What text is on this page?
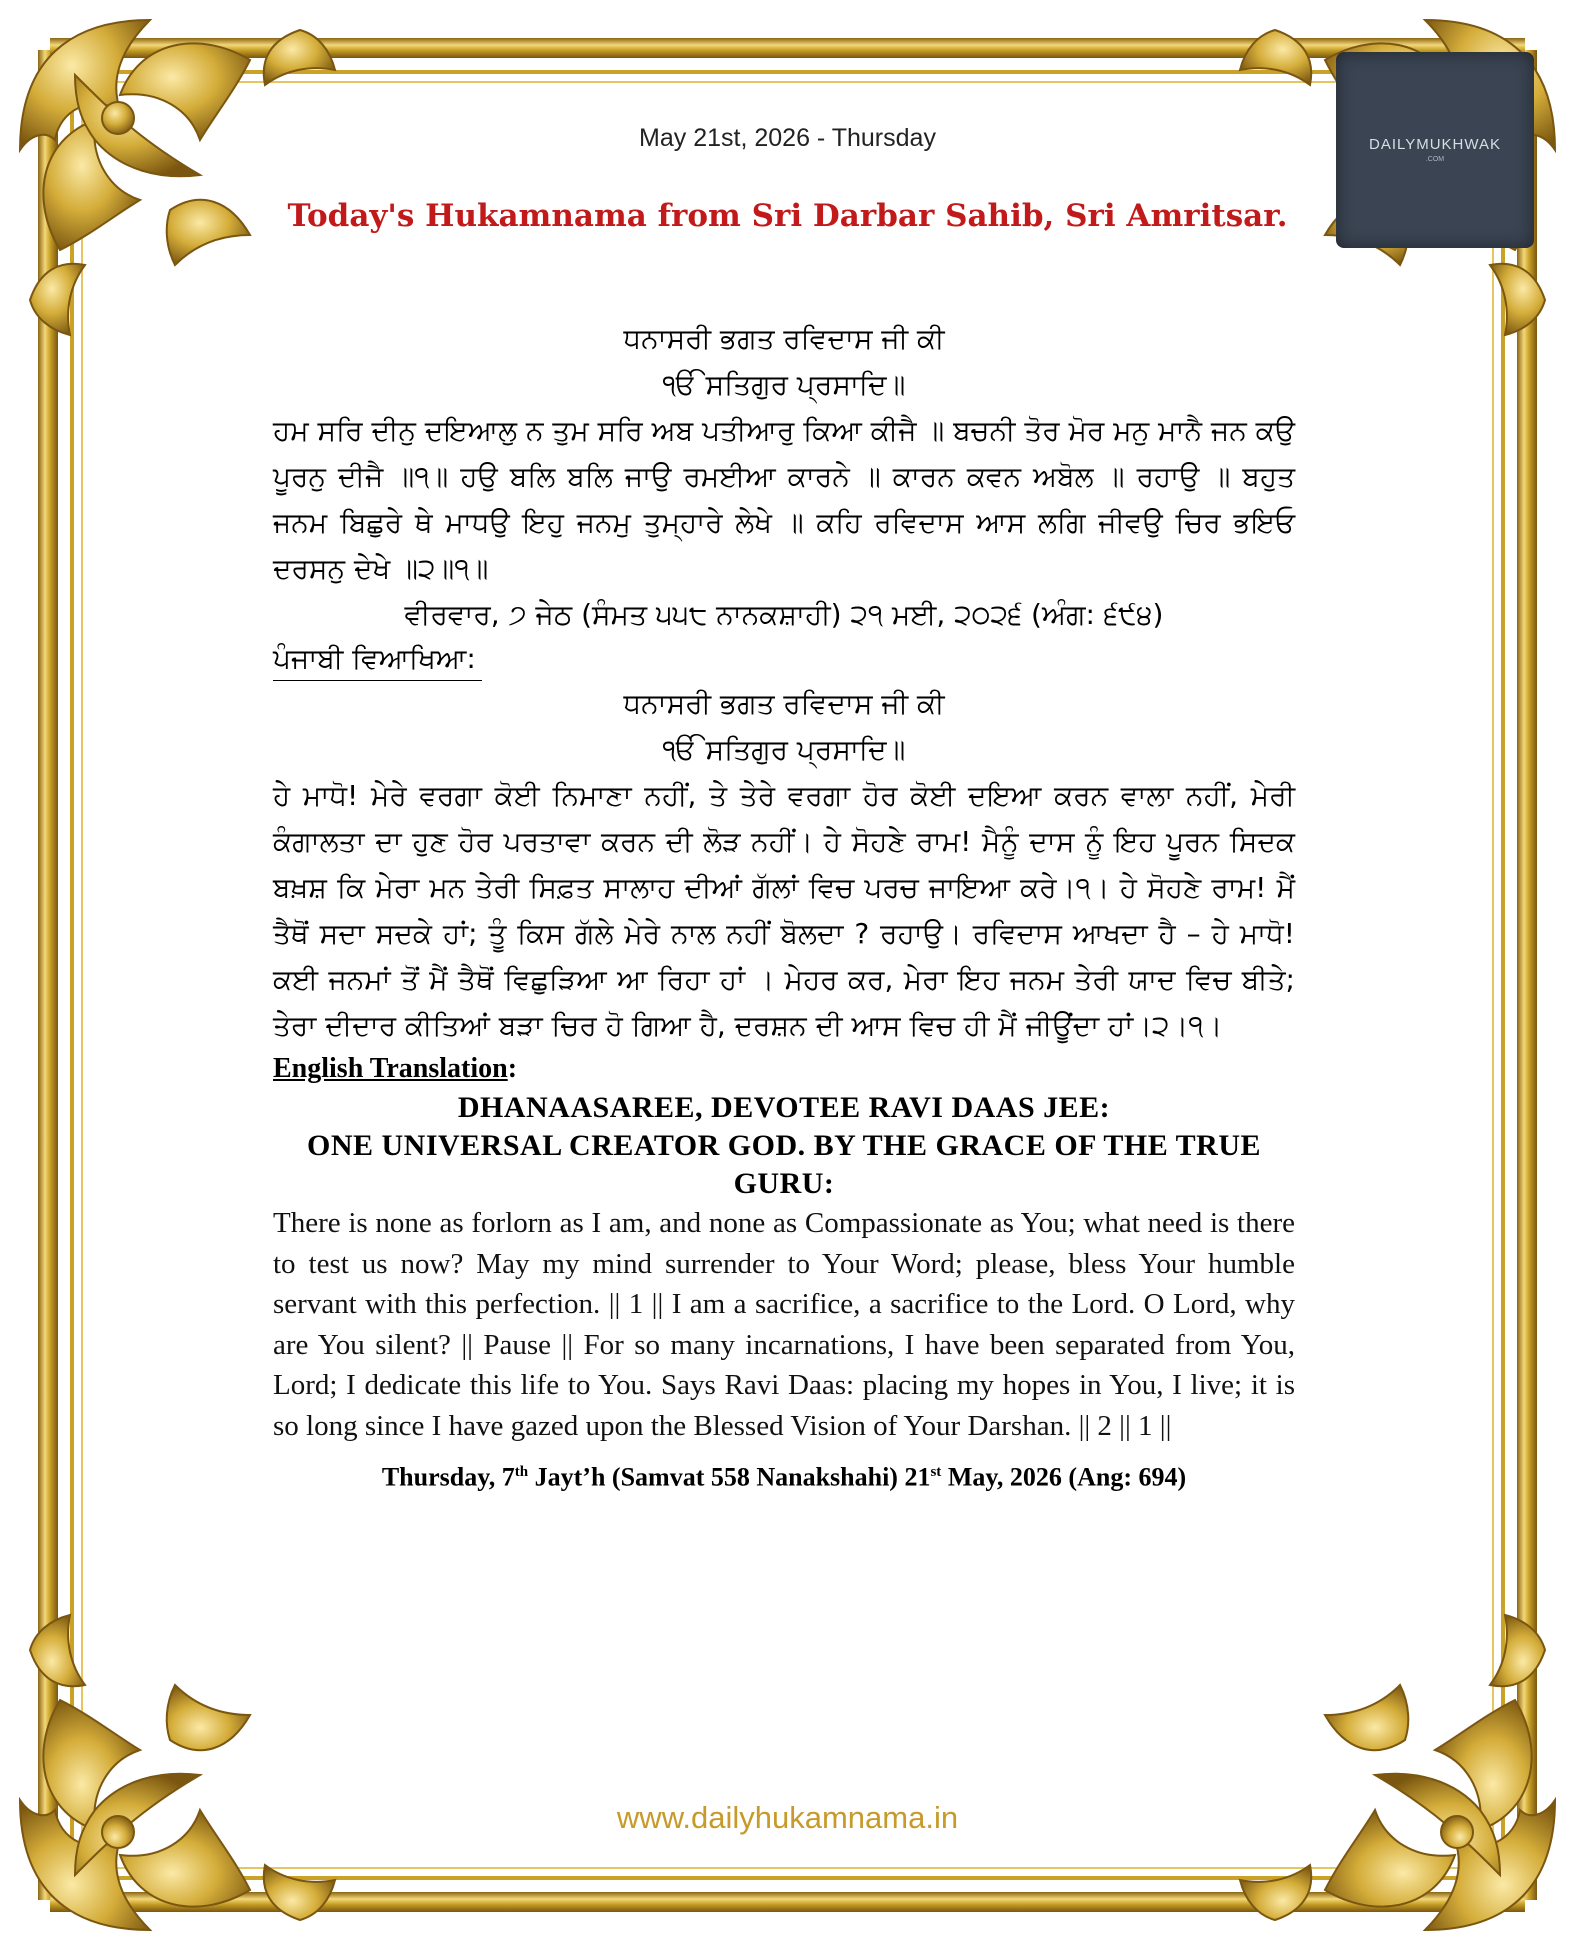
May 21st, 2026 - Thursday
Today's Hukamnama from Sri Darbar Sahib, Sri Amritsar.
DAILYMUKHWAK
.COM
ਧਨਾਸਰੀ ਭਗਤ ਰਵਿਦਾਸ ਜੀ ਕੀ
ੴ ਸਤਿਗੁਰ ਪ੍ਰਸਾਦਿ॥
ਹਮ ਸਰਿ ਦੀਨੁ ਦਇਆਲੁ ਨ ਤੁਮ ਸਰਿ ਅਬ ਪਤੀਆਰੁ ਕਿਆ ਕੀਜੈ ॥ ਬਚਨੀ ਤੋਰ ਮੋਰ ਮਨੁ ਮਾਨੈ ਜਨ ਕਉ ਪੂਰਨੁ ਦੀਜੈ ॥੧॥ ਹਉ ਬਲਿ ਬਲਿ ਜਾਉ ਰਮਈਆ ਕਾਰਨੇ ॥ ਕਾਰਨ ਕਵਨ ਅਬੋਲ ॥ ਰਹਾਉ ॥ ਬਹੁਤ ਜਨਮ ਬਿਛੁਰੇ ਥੇ ਮਾਧਉ ਇਹੁ ਜਨਮੁ ਤੁਮ੍ਹਾਰੇ ਲੇਖੇ ॥ ਕਹਿ ਰਵਿਦਾਸ ਆਸ ਲਗਿ ਜੀਵਉ ਚਿਰ ਭਇਓ ਦਰਸਨੁ ਦੇਖੇ ॥੨॥੧॥
ਵੀਰਵਾਰ, ੭ ਜੇਠ (ਸੰਮਤ ੫੫੮ ਨਾਨਕਸ਼ਾਹੀ) ੨੧ ਮਈ, ੨੦੨੬ (ਅੰਗ: ੬੯੪)
ਪੰਜਾਬੀ ਵਿਆਖਿਆ:
ਧਨਾਸਰੀ ਭਗਤ ਰਵਿਦਾਸ ਜੀ ਕੀ
ੴ ਸਤਿਗੁਰ ਪ੍ਰਸਾਦਿ॥
ਹੇ ਮਾਧੋ! ਮੇਰੇ ਵਰਗਾ ਕੋਈ ਨਿਮਾਣਾ ਨਹੀਂ, ਤੇ ਤੇਰੇ ਵਰਗਾ ਹੋਰ ਕੋਈ ਦਇਆ ਕਰਨ ਵਾਲਾ ਨਹੀਂ, ਮੇਰੀ ਕੰਗਾਲਤਾ ਦਾ ਹੁਣ ਹੋਰ ਪਰਤਾਵਾ ਕਰਨ ਦੀ ਲੋੜ ਨਹੀਂ। ਹੇ ਸੋਹਣੇ ਰਾਮ! ਮੈਨੂੰ ਦਾਸ ਨੂੰ ਇਹ ਪੂਰਨ ਸਿਦਕ ਬਖ਼ਸ਼ ਕਿ ਮੇਰਾ ਮਨ ਤੇਰੀ ਸਿਫ਼ਤ ਸਾਲਾਹ ਦੀਆਂ ਗੱਲਾਂ ਵਿਚ ਪਰਚ ਜਾਇਆ ਕਰੇ।੧। ਹੇ ਸੋਹਣੇ ਰਾਮ! ਮੈਂ ਤੈਥੋਂ ਸਦਾ ਸਦਕੇ ਹਾਂ; ਤੂੰ ਕਿਸ ਗੱਲੇ ਮੇਰੇ ਨਾਲ ਨਹੀਂ ਬੋਲਦਾ ? ਰਹਾਉ। ਰਵਿਦਾਸ ਆਖਦਾ ਹੈ – ਹੇ ਮਾਧੋ! ਕਈ ਜਨਮਾਂ ਤੋਂ ਮੈਂ ਤੈਥੋਂ ਵਿਛੁੜਿਆ ਆ ਰਿਹਾ ਹਾਂ । ਮੇਹਰ ਕਰ, ਮੇਰਾ ਇਹ ਜਨਮ ਤੇਰੀ ਯਾਦ ਵਿਚ ਬੀਤੇ; ਤੇਰਾ ਦੀਦਾਰ ਕੀਤਿਆਂ ਬੜਾ ਚਿਰ ਹੋ ਗਿਆ ਹੈ, ਦਰਸ਼ਨ ਦੀ ਆਸ ਵਿਚ ਹੀ ਮੈਂ ਜੀਊਂਦਾ ਹਾਂ।੨।੧।
English Translation:
DHANAASAREE, DEVOTEE RAVI DAAS JEE:
ONE UNIVERSAL CREATOR GOD. BY THE GRACE OF THE TRUE GURU:
There is none as forlorn as I am, and none as Compassionate as You; what need is there to test us now? May my mind surrender to Your Word; please, bless Your humble servant with this perfection. || 1 || I am a sacrifice, a sacrifice to the Lord. O Lord, why are You silent? || Pause || For so many incarnations, I have been separated from You, Lord; I dedicate this life to You. Says Ravi Daas: placing my hopes in You, I live; it is so long since I have gazed upon the Blessed Vision of Your Darshan. || 2 || 1 ||
Thursday, 7th Jayt’h (Samvat 558 Nanakshahi) 21st May, 2026 (Ang: 694)
www.dailyhukamnama.in
